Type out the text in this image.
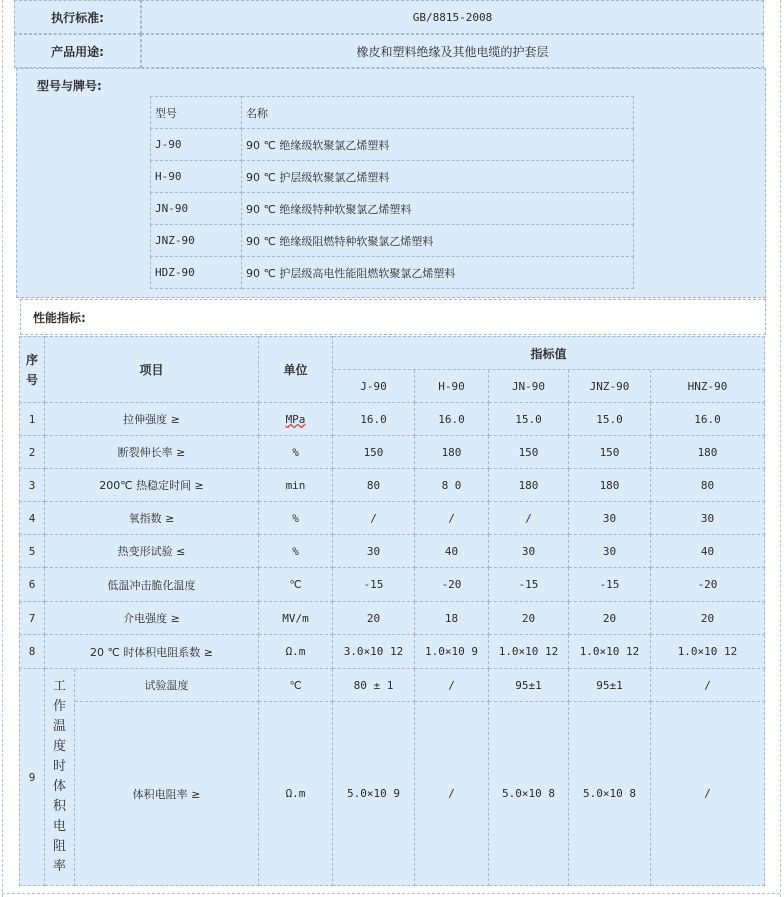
执行标准:	GB/8815-2008
产品用途:	橡皮和塑料绝缘及其他电缆的护套层
型号与牌号:
型号	名称
J-90	90 ℃ 绝缘级软聚氯乙烯塑料
H-90	90 ℃ 护层级软聚氯乙烯塑料
JN-90	90 ℃ 绝缘级特种软聚氯乙烯塑料
JNZ-90	90 ℃ 绝缘级阻燃特种软聚氯乙烯塑料
HDZ-90	90 ℃ 护层级高电性能阻燃软聚氯乙烯塑料
性能指标:
序号	项目		单位	指标值				
				J-90	H-90	JN-90	JNZ-90	HNZ-90
1	拉伸强度 ≥		MPa	16.0	16.0	15.0	15.0	16.0
2	断裂伸长率 ≥		%	150	180	150	150	180
3	200℃ 热稳定时间 ≥		min	80	8 0	180	180	80
4	氧指数 ≥		%	/	/	/	30	30
5	热变形试验 ≤		%	30	40	30	30	40
6	低温冲击脆化温度		℃	-15	-20	-15	-15	-20
7	介电强度 ≥		MV/m	20	18	20	20	20
8	20 ℃ 时体积电阻系数 ≥		Ω.m	3.0×10 12	1.0×10 9	1.0×10 12	1.0×10 12	1.0×10 12
9	工作温度时体积电阻率	试验温度	℃	80 ± 1	/	95±1	95±1	/
		体积电阻率 ≥	Ω.m	5.0×10 9	/	5.0×10 8	5.0×10 8	/
